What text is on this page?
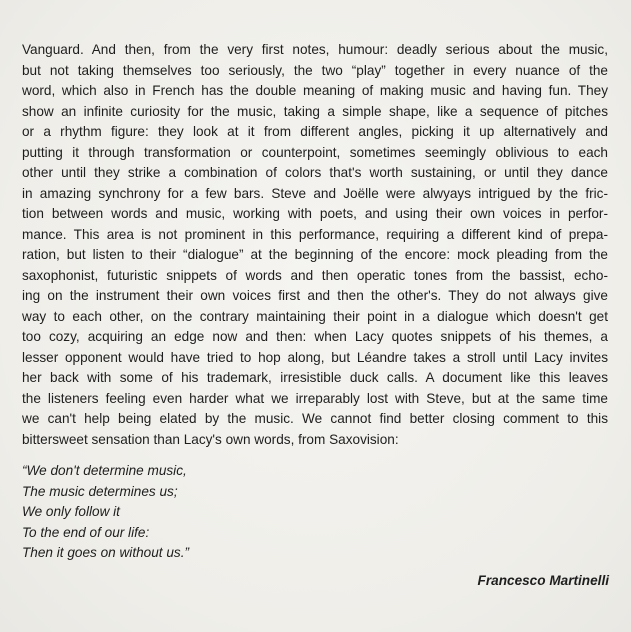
Vanguard. And then, from the very first notes, humour: deadly serious about the music,
but not taking themselves too seriously, the two “play” together in every nuance of the
word, which also in French has the double meaning of making music and having fun. They
show an infinite curiosity for the music, taking a simple shape, like a sequence of pitches
or a rhythm figure: they look at it from different angles, picking it up alternatively and
putting it through transformation or counterpoint, sometimes seemingly oblivious to each
other until they strike a combination of colors that's worth sustaining, or until they dance
in amazing synchrony for a few bars. Steve and Joëlle were alwyays intrigued by the fric-
tion between words and music, working with poets, and using their own voices in perfor-
mance. This area is not prominent in this performance, requiring a different kind of prepa-
ration, but listen to their “dialogue” at the beginning of the encore: mock pleading from the
saxophonist, futuristic snippets of words and then operatic tones from the bassist, echo-
ing on the instrument their own voices first and then the other's. They do not always give
way to each other, on the contrary maintaining their point in a dialogue which doesn't get
too cozy, acquiring an edge now and then: when Lacy quotes snippets of his themes, a
lesser opponent would have tried to hop along, but Léandre takes a stroll until Lacy invites
her back with some of his trademark, irresistible duck calls. A document like this leaves
the listeners feeling even harder what we irreparably lost with Steve, but at the same time
we can't help being elated by the music. We cannot find better closing comment to this
bittersweet sensation than Lacy's own words, from Saxovision:
“We don't determine music,
The music determines us;
We only follow it
To the end of our life:
Then it goes on without us.”
Francesco Martinelli
